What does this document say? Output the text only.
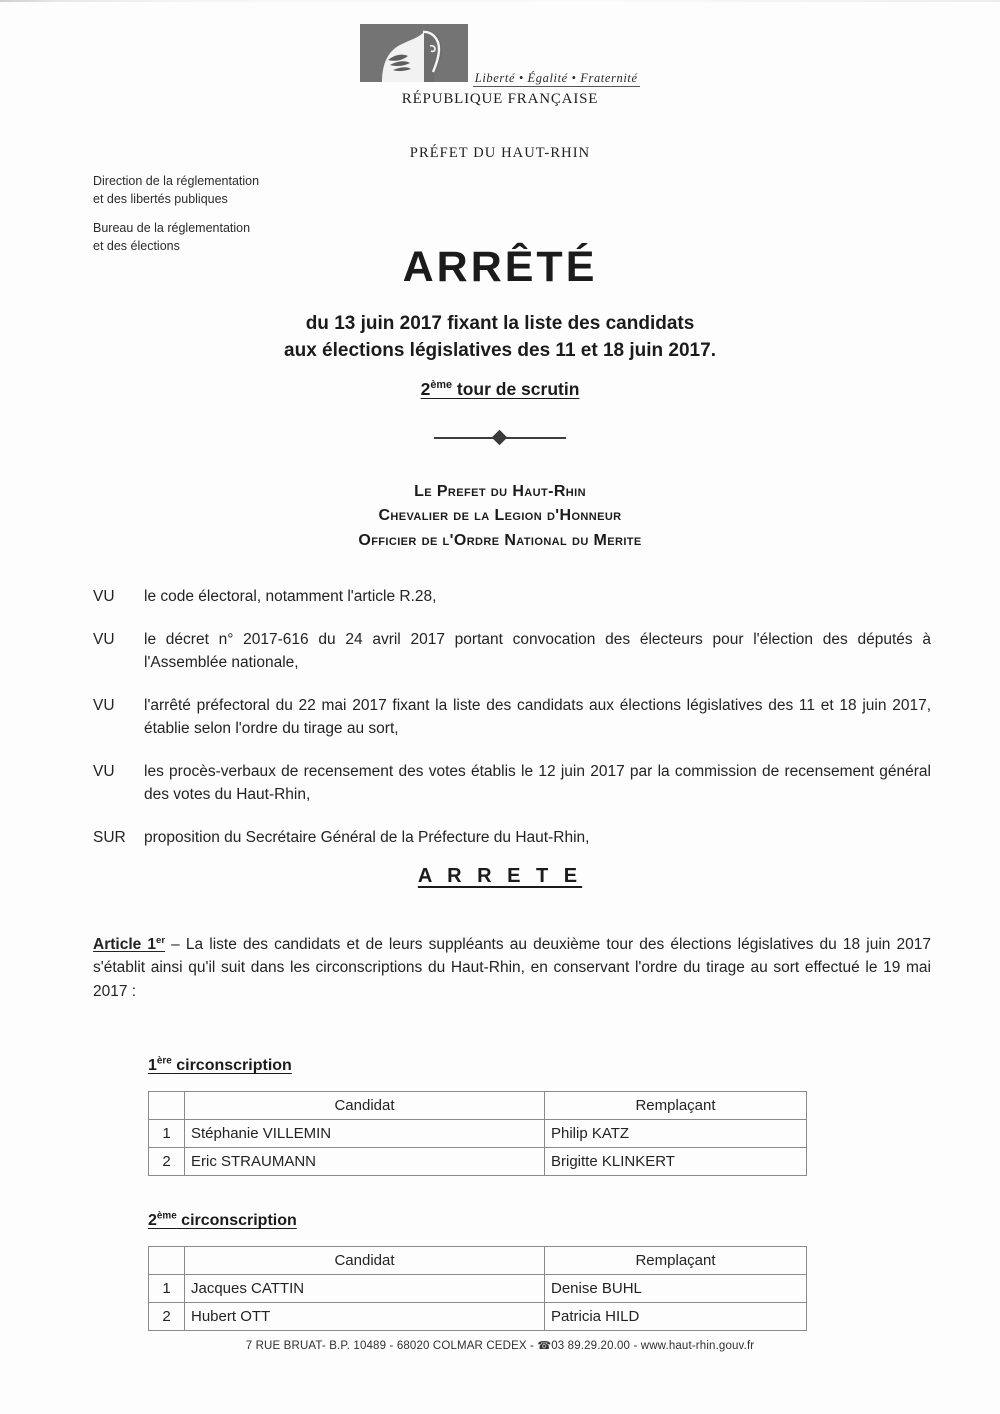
Liberté • Égalité • Fraternité
RÉPUBLIQUE FRANÇAISE
PRÉFET DU HAUT-RHIN
Direction de la réglementation
et des libertés publiques
Bureau de la réglementation
et des élections	ARRÊTÉ
du 13 juin 2017 fixant la liste des candidats
aux élections législatives des 11 et 18 juin 2017.
2ème tour de scrutin
Le Prefet du Haut-Rhin
Chevalier de la Legion d'Honneur
Officier de l'Ordre National du Merite
VU	le code électoral, notamment l'article R.28,
VU	le décret n° 2017-616 du 24 avril 2017 portant convocation des électeurs pour l'élection des députés à l'Assemblée nationale,
VU	l'arrêté préfectoral du 22 mai 2017 fixant la liste des candidats aux élections législatives des 11 et 18 juin 2017, établie selon l'ordre du tirage au sort,
VU	les procès-verbaux de recensement des votes établis le 12 juin 2017 par la commission de recensement général des votes du Haut-Rhin,
SUR	proposition du Secrétaire Général de la Préfecture du Haut-Rhin,
A R R E T E
Article 1er – La liste des candidats et de leurs suppléants au deuxième tour des élections législatives du 18 juin 2017 s'établit ainsi qu'il suit dans les circonscriptions du Haut-Rhin, en conservant l'ordre du tirage au sort effectué le 19 mai 2017 :
1ère circonscription
	Candidat	Remplaçant
1	Stéphanie VILLEMIN	Philip KATZ
2	Eric STRAUMANN	Brigitte KLINKERT
2ème circonscription
	Candidat	Remplaçant
1	Jacques CATTIN	Denise BUHL
2	Hubert OTT	Patricia HILD
7 RUE BRUAT- B.P. 10489 - 68020 COLMAR CEDEX - ☎03 89.29.20.00 - www.haut-rhin.gouv.fr
